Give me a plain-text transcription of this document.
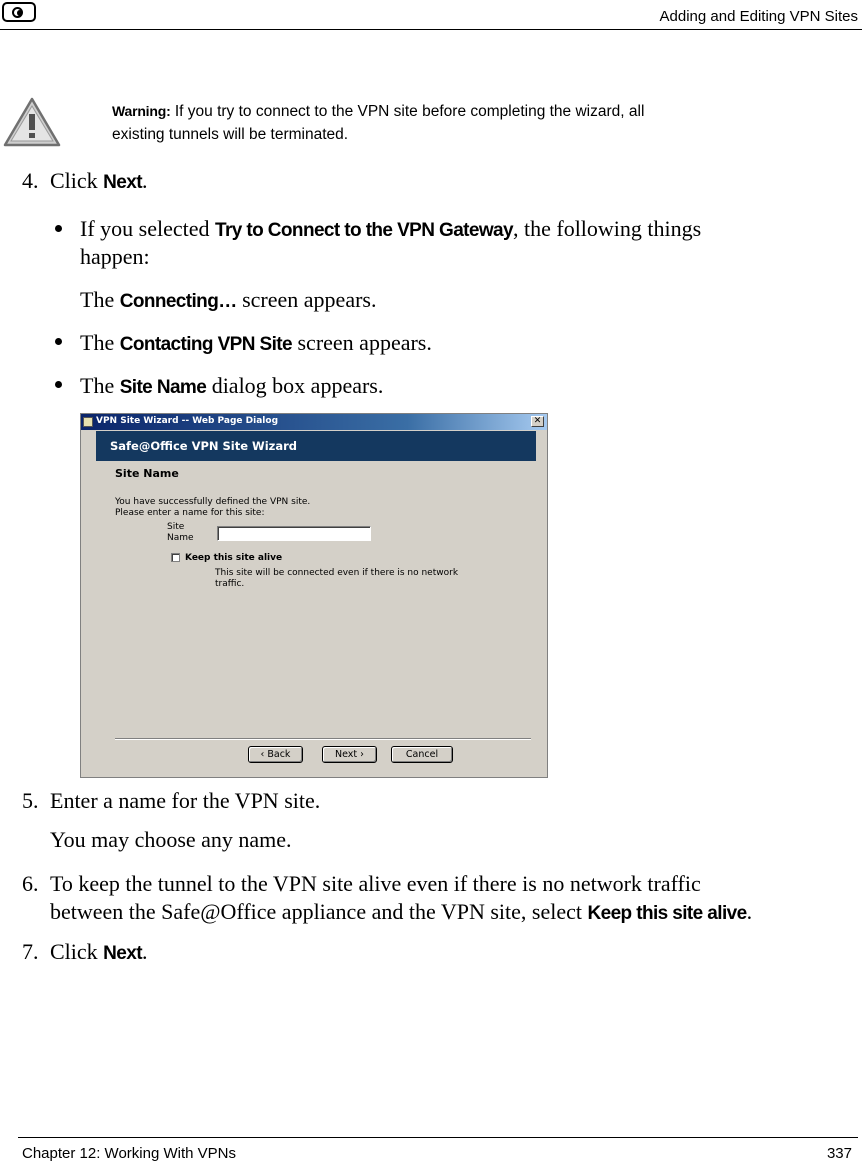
Adding and Editing VPN Sites
Warning: If you try to connect to the VPN site before completing the wizard, all
existing tunnels will be terminated.
4. Click Next.
If you selected Try to Connect to the VPN Gateway, the following things
happen:
The Connecting… screen appears.
The Contacting VPN Site screen appears.
The Site Name dialog box appears.
VPN Site Wizard -- Web Page Dialog	✕
Safe@Office VPN Site Wizard
Site Name
You have successfully defined the VPN site.
Please enter a name for this site:
Site
Name
Keep this site alive
This site will be connected even if there is no network
traffic.
‹ Back	Next ›	Cancel
5. Enter a name for the VPN site.
You may choose any name.
6. To keep the tunnel to the VPN site alive even if there is no network traffic
between the Safe@Office appliance and the VPN site, select Keep this site alive.
7. Click Next.
Chapter 12: Working With VPNs	337
